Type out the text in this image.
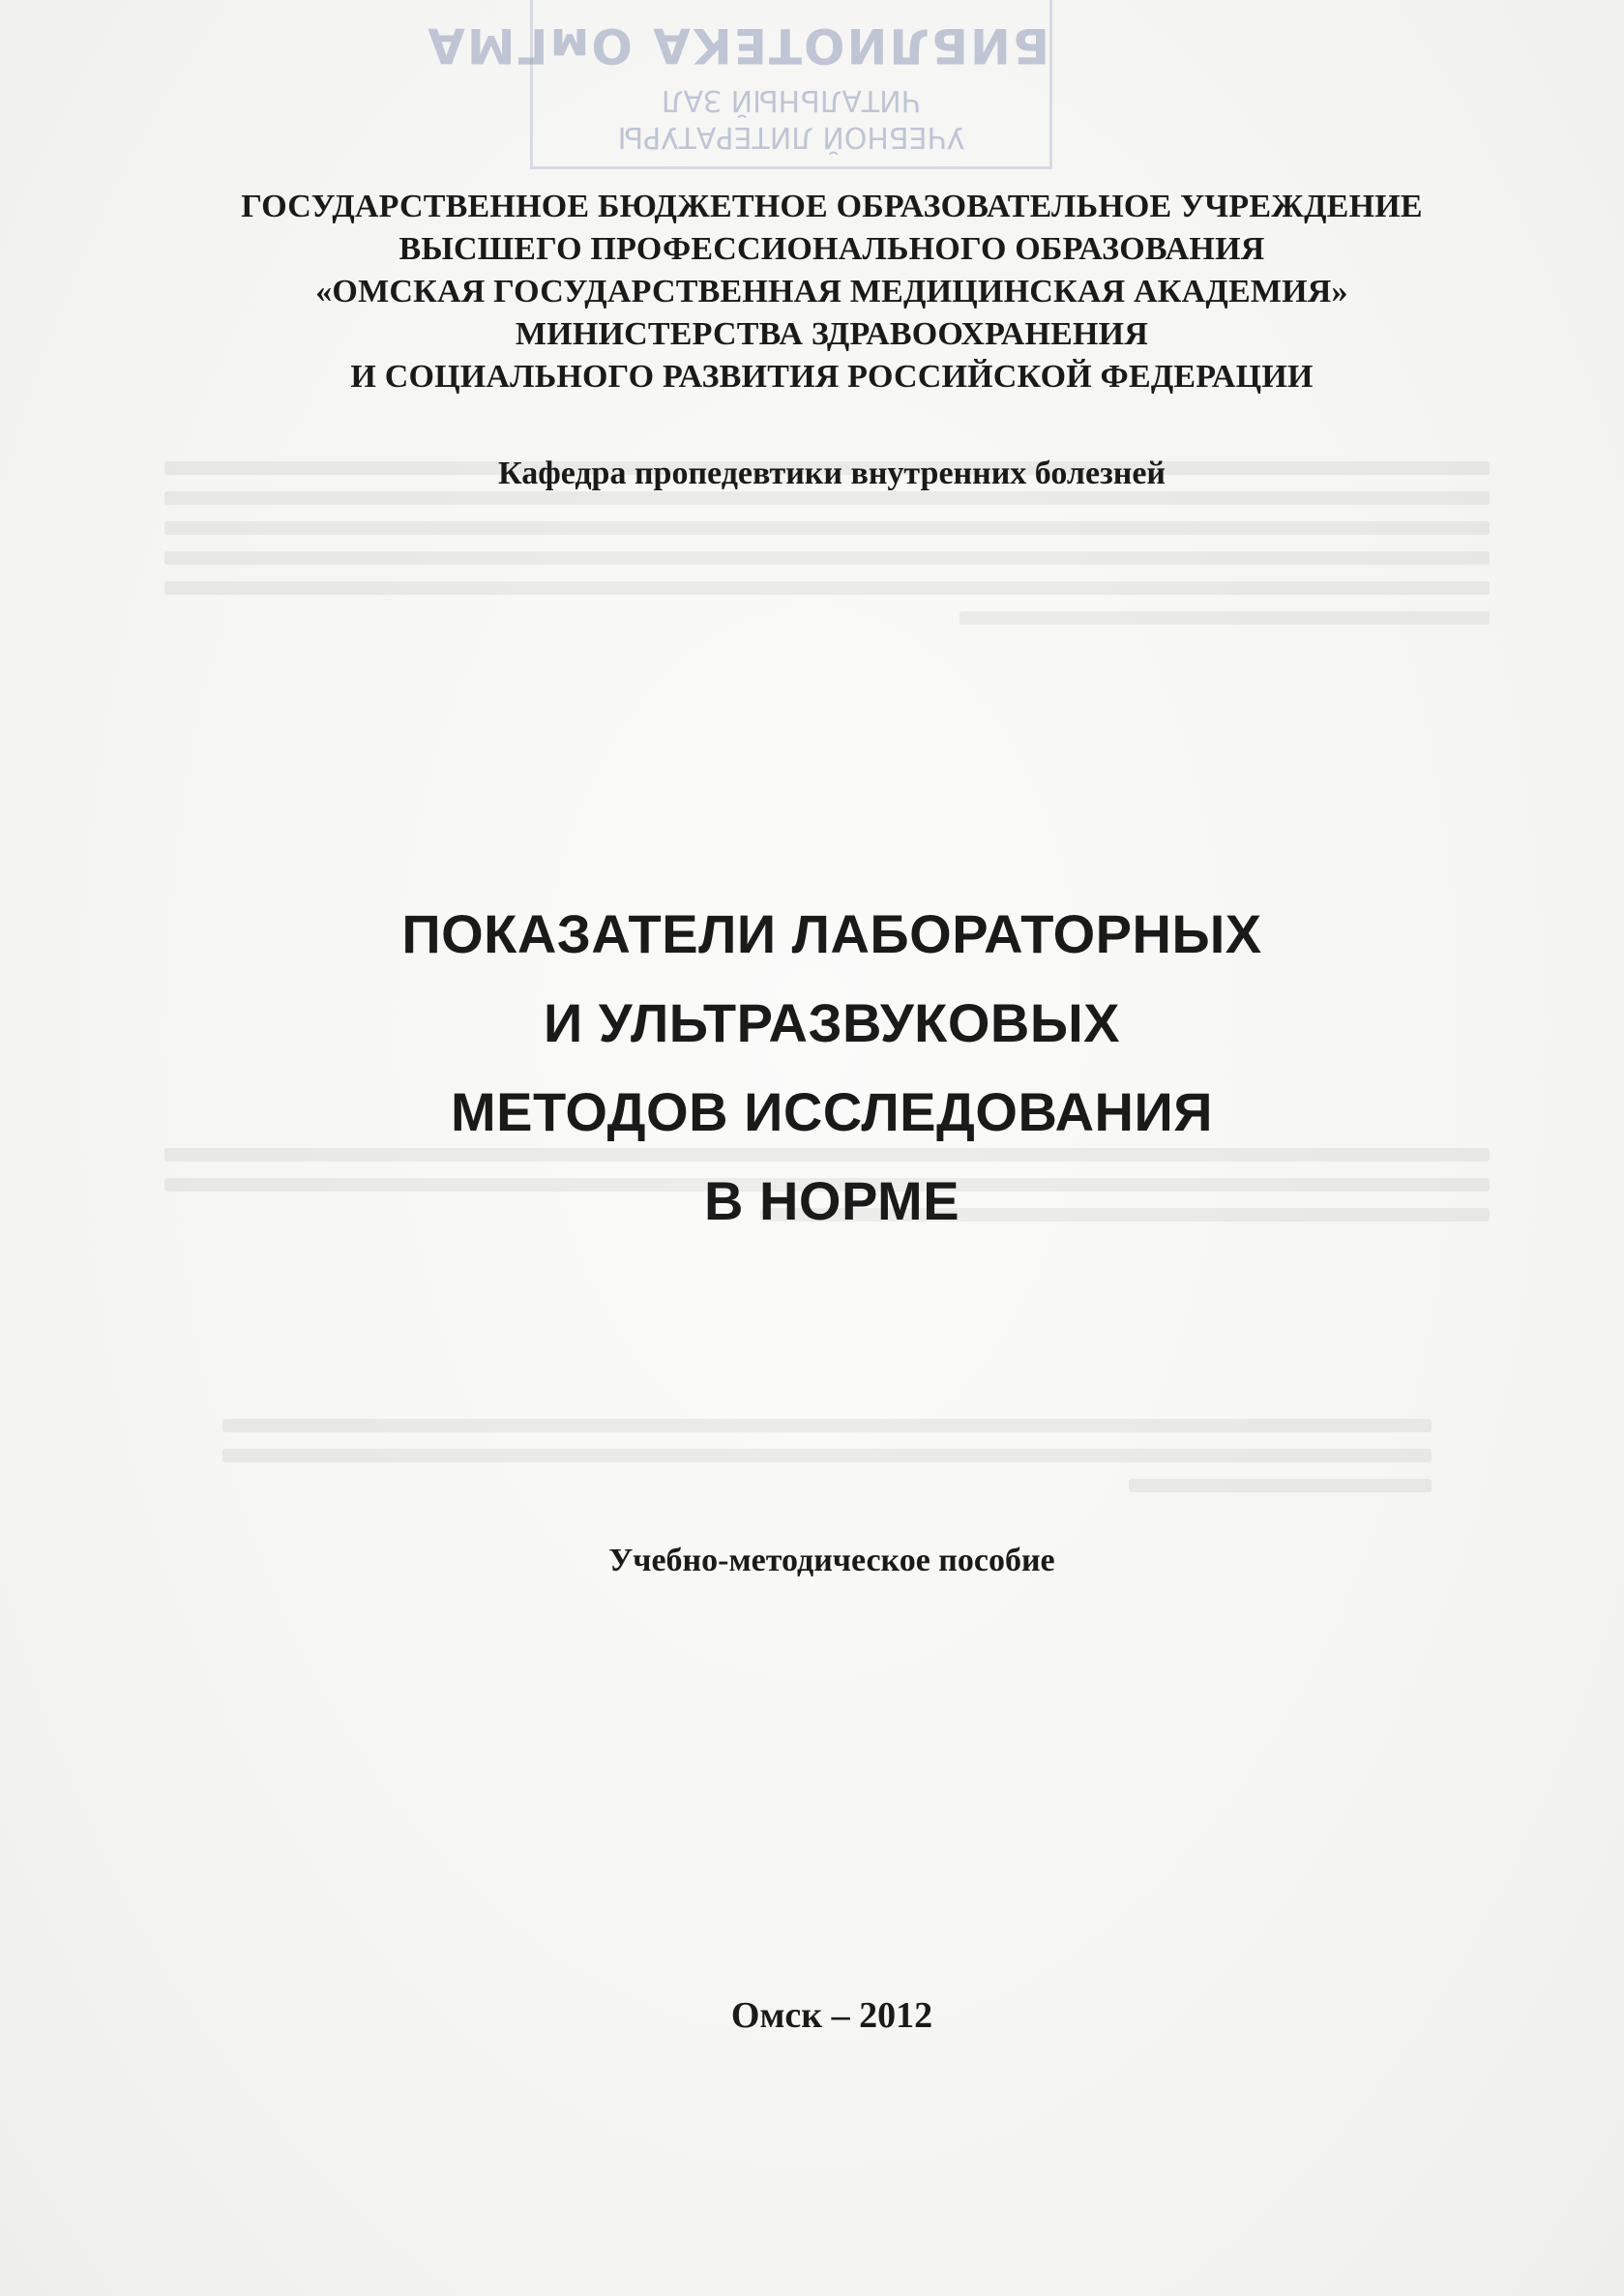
БИБЛИОТЕКА ОмГМА
ЧИТАЛЬНЫЙ ЗАЛ
УЧЕБНОЙ ЛИТЕРАТУРЫ
ГОСУДАРСТВЕННОЕ БЮДЖЕТНОЕ ОБРАЗОВАТЕЛЬНОЕ УЧРЕЖДЕНИЕ
ВЫСШЕГО ПРОФЕССИОНАЛЬНОГО ОБРАЗОВАНИЯ
«ОМСКАЯ ГОСУДАРСТВЕННАЯ МЕДИЦИНСКАЯ АКАДЕМИЯ»
МИНИСТЕРСТВА ЗДРАВООХРАНЕНИЯ
И СОЦИАЛЬНОГО РАЗВИТИЯ РОССИЙСКОЙ ФЕДЕРАЦИИ
Кафедра пропедевтики внутренних болезней
ПОКАЗАТЕЛИ ЛАБОРАТОРНЫХ
И УЛЬТРАЗВУКОВЫХ
МЕТОДОВ ИССЛЕДОВАНИЯ
В НОРМЕ
Учебно-методическое пособие
Омск – 2012
